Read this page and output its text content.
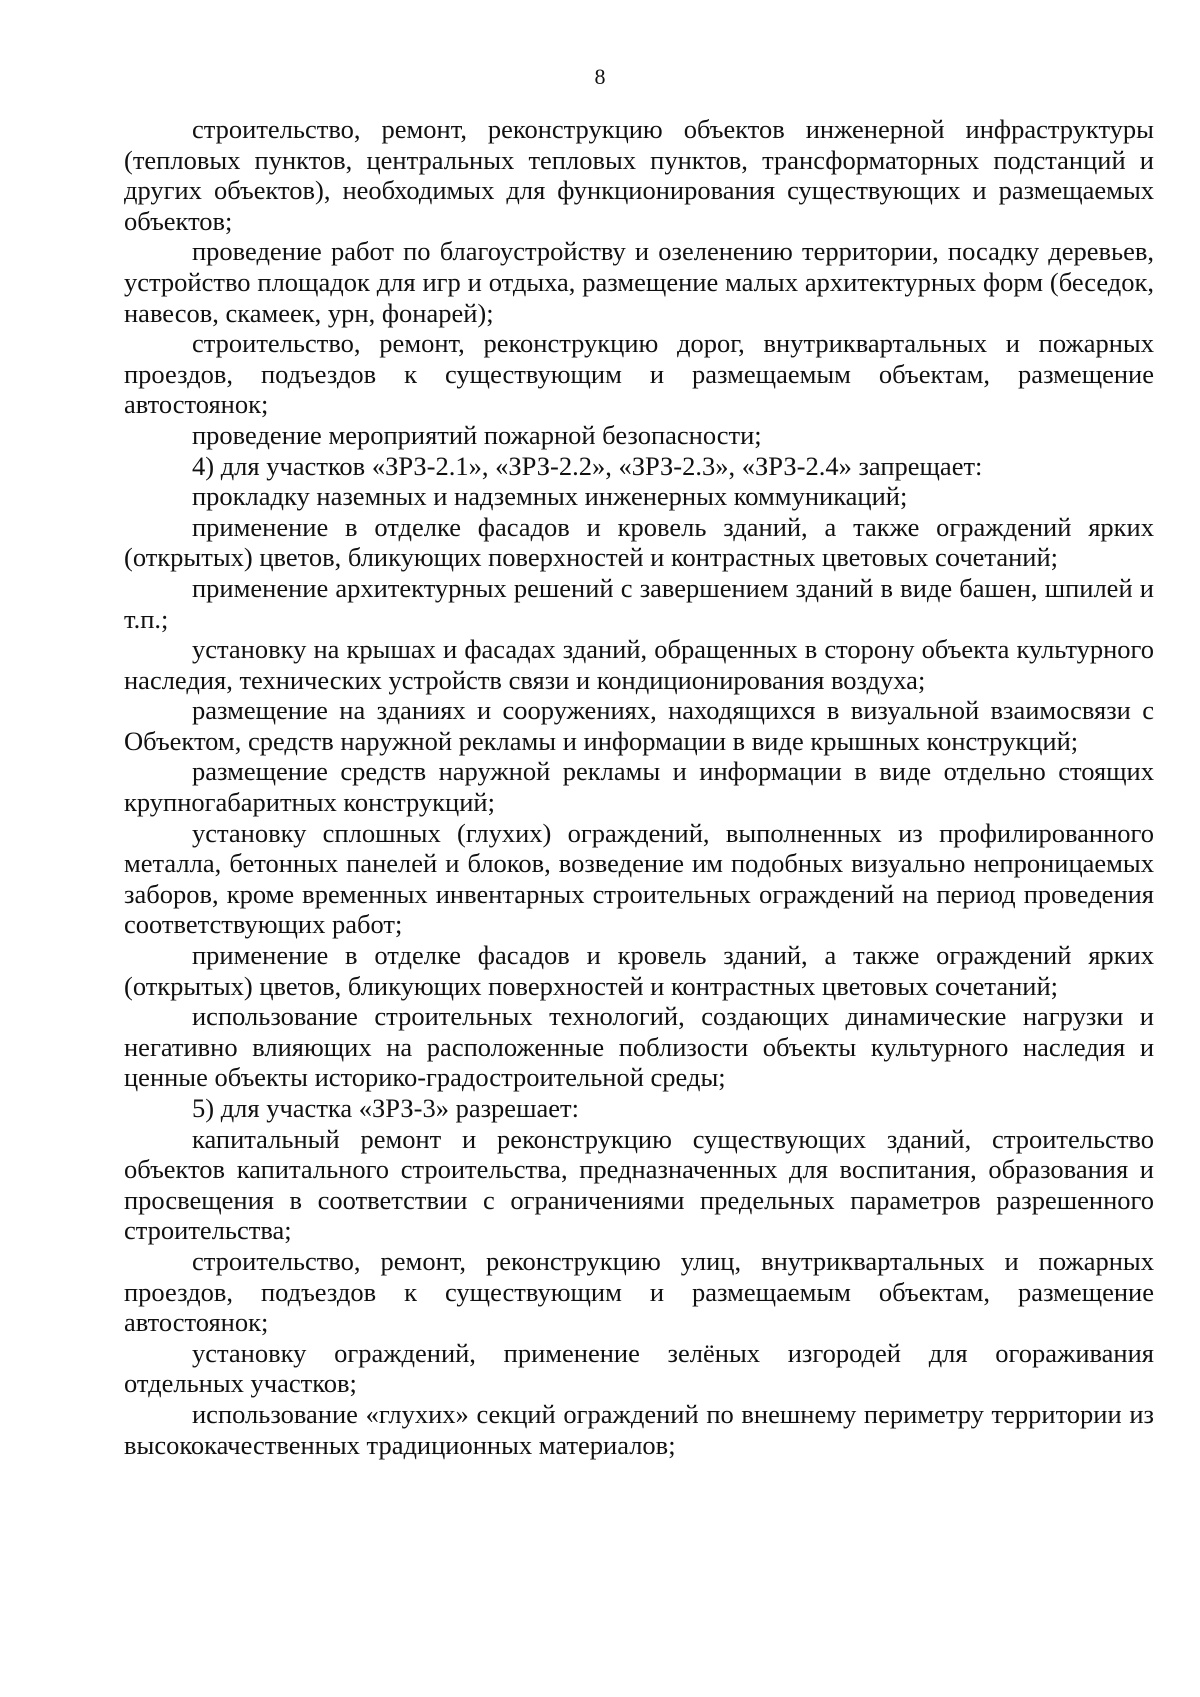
8

строительство, ремонт, реконструкцию объектов инженерной инфраструктуры (тепловых пунктов, центральных тепловых пунктов, трансформаторных подстанций и других объектов), необходимых для функционирования существующих и размещаемых объектов;

проведение работ по благоустройству и озеленению территории, посадку деревьев, устройство площадок для игр и отдыха, размещение малых архитектурных форм (беседок, навесов, скамеек, урн, фонарей);

строительство, ремонт, реконструкцию дорог, внутриквартальных и пожарных проездов, подъездов к существующим и размещаемым объектам, размещение автостоянок;

проведение мероприятий пожарной безопасности;

4) для участков «ЗРЗ-2.1», «ЗРЗ-2.2», «ЗРЗ-2.3», «ЗРЗ-2.4» запрещает:

прокладку наземных и надземных инженерных коммуникаций;

применение в отделке фасадов и кровель зданий, а также ограждений ярких (открытых) цветов, бликующих поверхностей и контрастных цветовых сочетаний;

применение архитектурных решений с завершением зданий в виде башен, шпилей и т.п.;

установку на крышах и фасадах зданий, обращенных в сторону объекта культурного наследия, технических устройств связи и кондиционирования воздуха;

размещение на зданиях и сооружениях, находящихся в визуальной взаимосвязи с Объектом, средств наружной рекламы и информации в виде крышных конструкций;

размещение средств наружной рекламы и информации в виде отдельно стоящих крупногабаритных конструкций;

установку сплошных (глухих) ограждений, выполненных из профилированного металла, бетонных панелей и блоков, возведение им подобных визуально непроницаемых заборов, кроме временных инвентарных строительных ограждений на период проведения соответствующих работ;

применение в отделке фасадов и кровель зданий, а также ограждений ярких (открытых) цветов, бликующих поверхностей и контрастных цветовых сочетаний;

использование строительных технологий, создающих динамические нагрузки и негативно влияющих на расположенные поблизости объекты культурного наследия и ценные объекты историко-градостроительной среды;

5) для участка «ЗРЗ-3» разрешает:

капитальный ремонт и реконструкцию существующих зданий, строительство объектов капитального строительства, предназначенных для воспитания, образования и просвещения в соответствии с ограничениями предельных параметров разрешенного строительства;

строительство, ремонт, реконструкцию улиц, внутриквартальных и пожарных проездов, подъездов к существующим и размещаемым объектам, размещение автостоянок;

установку ограждений, применение зелёных изгородей для огораживания отдельных участков;

использование «глухих» секций ограждений по внешнему периметру территории из высококачественных традиционных материалов;
